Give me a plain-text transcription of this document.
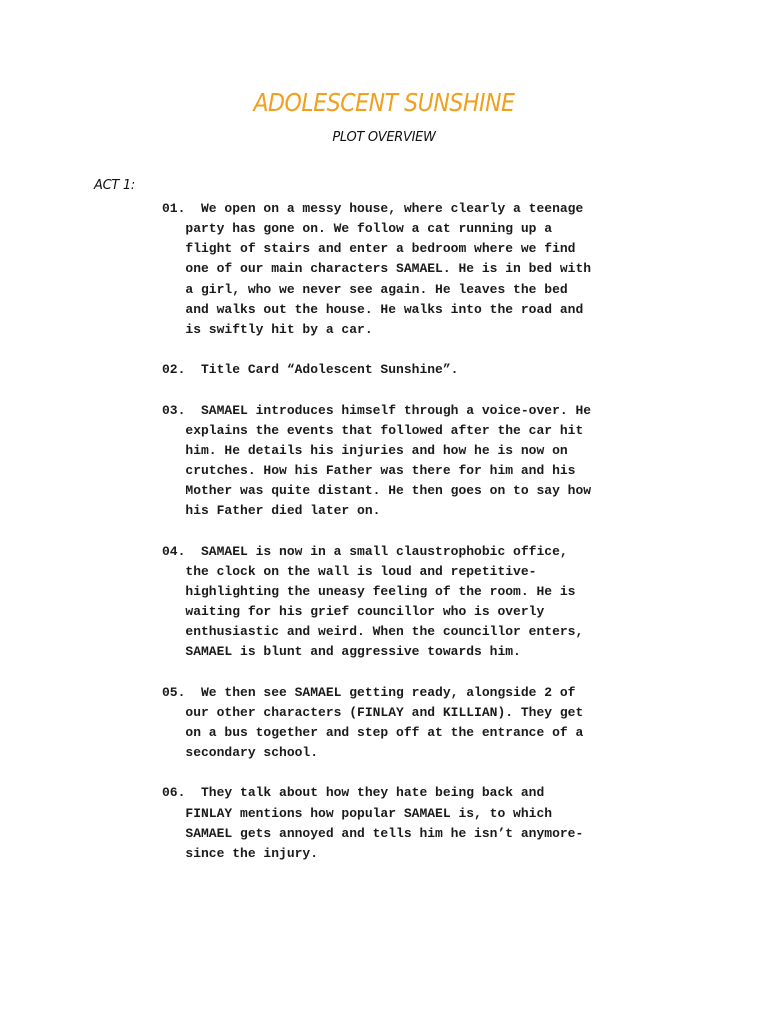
ADOLESCENT SUNSHINE
PLOT OVERVIEW
ACT 1:
01.  We open on a messy house, where clearly a teenage
party has gone on. We follow a cat running up a
flight of stairs and enter a bedroom where we find
one of our main characters SAMAEL. He is in bed with
a girl, who we never see again. He leaves the bed
and walks out the house. He walks into the road and
is swiftly hit by a car.
02.  Title Card “Adolescent Sunshine”.
03.  SAMAEL introduces himself through a voice-over. He
explains the events that followed after the car hit
him. He details his injuries and how he is now on
crutches. How his Father was there for him and his
Mother was quite distant. He then goes on to say how
his Father died later on.
04.  SAMAEL is now in a small claustrophobic office,
the clock on the wall is loud and repetitive-
highlighting the uneasy feeling of the room. He is
waiting for his grief councillor who is overly
enthusiastic and weird. When the councillor enters,
SAMAEL is blunt and aggressive towards him.
05.  We then see SAMAEL getting ready, alongside 2 of
our other characters (FINLAY and KILLIAN). They get
on a bus together and step off at the entrance of a
secondary school.
06.  They talk about how they hate being back and
FINLAY mentions how popular SAMAEL is, to which
SAMAEL gets annoyed and tells him he isn’t anymore-
since the injury.
